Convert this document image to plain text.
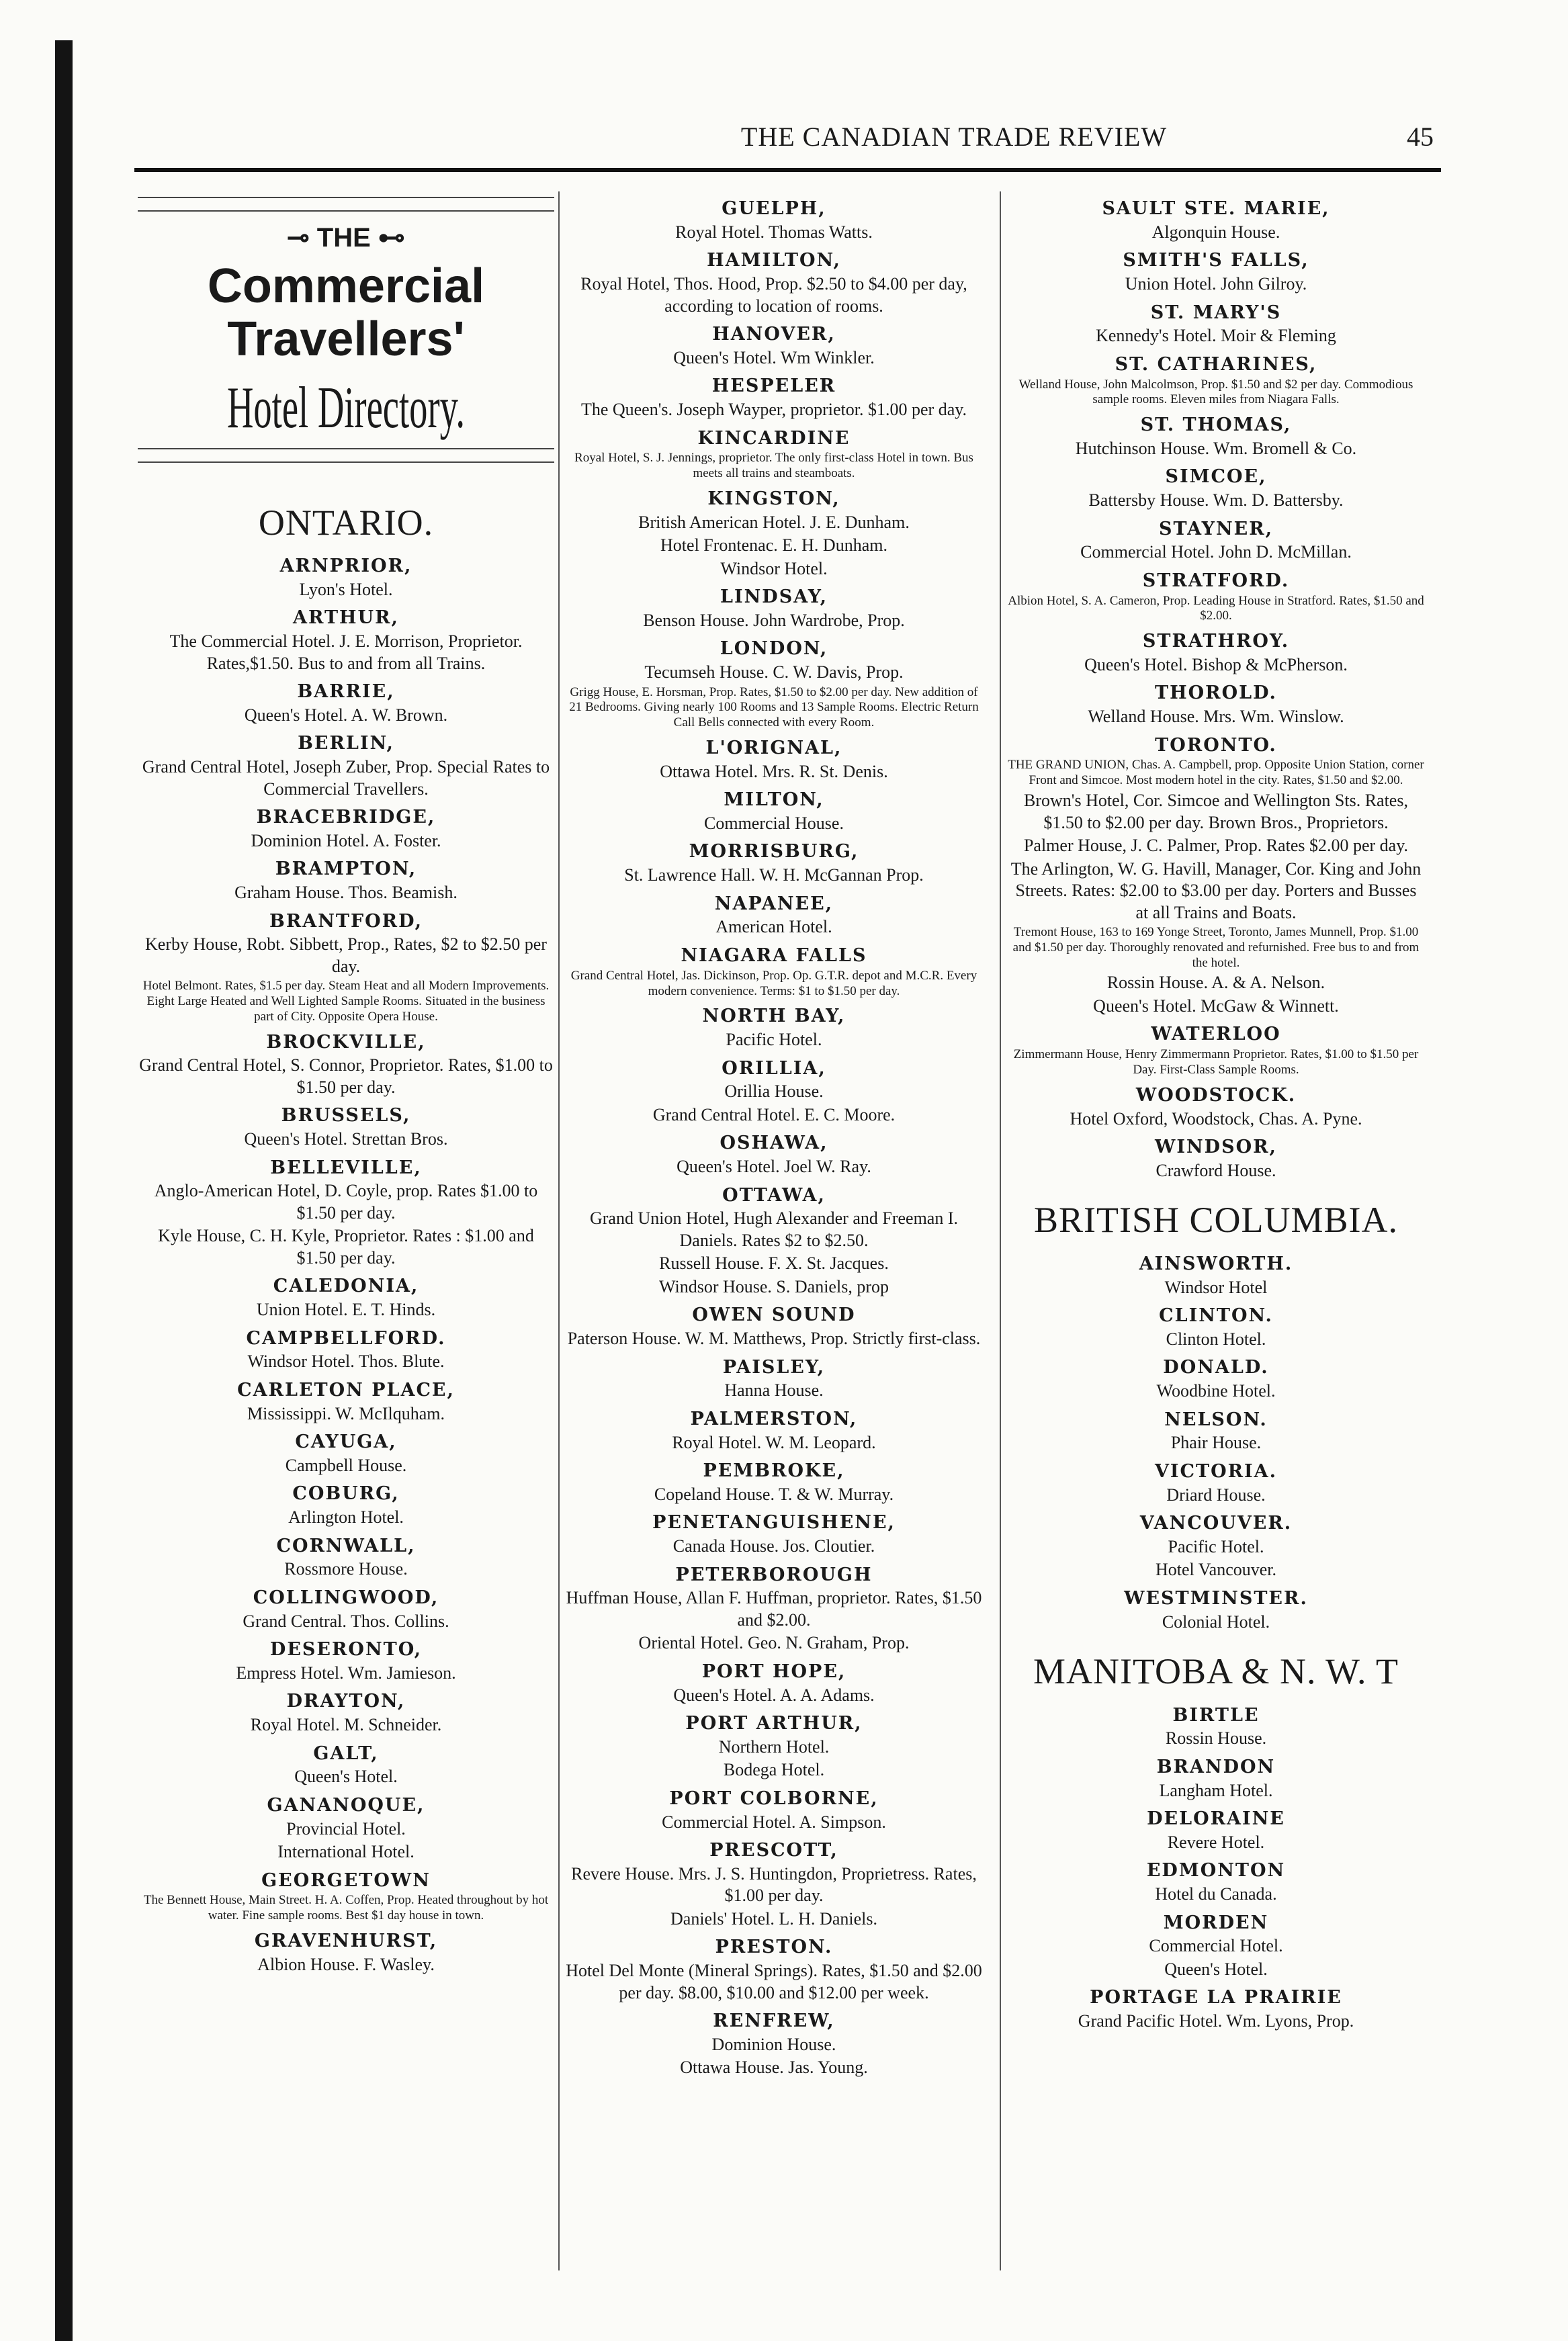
THE CANADIAN TRADE REVIEW	45
⊸ THE ⊷
Commercial
Travellers'
Hotel Directory.
ONTARIO.
ARNPRIOR,
Lyon's Hotel.
ARTHUR,
The Commercial Hotel. J. E. Morrison, Proprietor. Rates,$1.50. Bus to and from all Trains.
BARRIE,
Queen's Hotel. A. W. Brown.
BERLIN,
Grand Central Hotel, Joseph Zuber, Prop. Special Rates to Commercial Travellers.
BRACEBRIDGE,
Dominion Hotel. A. Foster.
BRAMPTON,
Graham House. Thos. Beamish.
BRANTFORD,
Kerby House, Robt. Sibbett, Prop., Rates, $2 to $2.50 per day.
Hotel Belmont. Rates, $1.5 per day. Steam Heat and all Modern Improvements. Eight Large Heated and Well Lighted Sample Rooms. Situated in the business part of City. Opposite Opera House.
BROCKVILLE,
Grand Central Hotel, S. Connor, Proprietor. Rates, $1.00 to $1.50 per day.
BRUSSELS,
Queen's Hotel. Strettan Bros.
BELLEVILLE,
Anglo-American Hotel, D. Coyle, prop. Rates $1.00 to $1.50 per day.
Kyle House, C. H. Kyle, Proprietor. Rates : $1.00 and $1.50 per day.
CALEDONIA,
Union Hotel. E. T. Hinds.
CAMPBELLFORD.
Windsor Hotel. Thos. Blute.
CARLETON PLACE,
Mississippi. W. McIlquham.
CAYUGA,
Campbell House.
COBURG,
Arlington Hotel.
CORNWALL,
Rossmore House.
COLLINGWOOD,
Grand Central. Thos. Collins.
DESERONTO,
Empress Hotel. Wm. Jamieson.
DRAYTON,
Royal Hotel. M. Schneider.
GALT,
Queen's Hotel.
GANANOQUE,
Provincial Hotel.
International Hotel.
GEORGETOWN
The Bennett House, Main Street. H. A. Coffen, Prop. Heated throughout by hot water. Fine sample rooms. Best $1 day house in town.
GRAVENHURST,
Albion House. F. Wasley.
GUELPH,
Royal Hotel. Thomas Watts.
HAMILTON,
Royal Hotel, Thos. Hood, Prop. $2.50 to $4.00 per day, according to location of rooms.
HANOVER,
Queen's Hotel. Wm Winkler.
HESPELER
The Queen's. Joseph Wayper, proprietor. $1.00 per day.
KINCARDINE
Royal Hotel, S. J. Jennings, proprietor. The only first-class Hotel in town. Bus meets all trains and steamboats.
KINGSTON,
British American Hotel. J. E. Dunham.
Hotel Frontenac. E. H. Dunham.
Windsor Hotel.
LINDSAY,
Benson House. John Wardrobe, Prop.
LONDON,
Tecumseh House. C. W. Davis, Prop.
Grigg House, E. Horsman, Prop. Rates, $1.50 to $2.00 per day. New addition of 21 Bedrooms. Giving nearly 100 Rooms and 13 Sample Rooms. Electric Return Call Bells connected with every Room.
L'ORIGNAL,
Ottawa Hotel. Mrs. R. St. Denis.
MILTON,
Commercial House.
MORRISBURG,
St. Lawrence Hall. W. H. McGannan Prop.
NAPANEE,
American Hotel.
NIAGARA FALLS
Grand Central Hotel, Jas. Dickinson, Prop. Op. G.T.R. depot and M.C.R. Every modern convenience. Terms: $1 to $1.50 per day.
NORTH BAY,
Pacific Hotel.
ORILLIA,
Orillia House.
Grand Central Hotel. E. C. Moore.
OSHAWA,
Queen's Hotel. Joel W. Ray.
OTTAWA,
Grand Union Hotel, Hugh Alexander and Freeman I. Daniels. Rates $2 to $2.50.
Russell House. F. X. St. Jacques.
Windsor House. S. Daniels, prop
OWEN SOUND
Paterson House. W. M. Matthews, Prop. Strictly first-class.
PAISLEY,
Hanna House.
PALMERSTON,
Royal Hotel. W. M. Leopard.
PEMBROKE,
Copeland House. T. & W. Murray.
PENETANGUISHENE,
Canada House. Jos. Cloutier.
PETERBOROUGH
Huffman House, Allan F. Huffman, proprietor. Rates, $1.50 and $2.00.
Oriental Hotel. Geo. N. Graham, Prop.
PORT HOPE,
Queen's Hotel. A. A. Adams.
PORT ARTHUR,
Northern Hotel.
Bodega Hotel.
PORT COLBORNE,
Commercial Hotel. A. Simpson.
PRESCOTT,
Revere House. Mrs. J. S. Huntingdon, Proprietress. Rates, $1.00 per day.
Daniels' Hotel. L. H. Daniels.
PRESTON.
Hotel Del Monte (Mineral Springs). Rates, $1.50 and $2.00 per day. $8.00, $10.00 and $12.00 per week.
RENFREW,
Dominion House.
Ottawa House. Jas. Young.
SAULT STE. MARIE,
Algonquin House.
SMITH'S FALLS,
Union Hotel. John Gilroy.
ST. MARY'S
Kennedy's Hotel. Moir & Fleming
ST. CATHARINES,
Welland House, John Malcolmson, Prop. $1.50 and $2 per day. Commodious sample rooms. Eleven miles from Niagara Falls.
ST. THOMAS,
Hutchinson House. Wm. Bromell & Co.
SIMCOE,
Battersby House. Wm. D. Battersby.
STAYNER,
Commercial Hotel. John D. McMillan.
STRATFORD.
Albion Hotel, S. A. Cameron, Prop. Leading House in Stratford. Rates, $1.50 and $2.00.
STRATHROY.
Queen's Hotel. Bishop & McPherson.
THOROLD.
Welland House. Mrs. Wm. Winslow.
TORONTO.
THE GRAND UNION, Chas. A. Campbell, prop. Opposite Union Station, corner Front and Simcoe. Most modern hotel in the city. Rates, $1.50 and $2.00.
Brown's Hotel, Cor. Simcoe and Wellington Sts. Rates, $1.50 to $2.00 per day. Brown Bros., Proprietors.
Palmer House, J. C. Palmer, Prop. Rates $2.00 per day.
The Arlington, W. G. Havill, Manager, Cor. King and John Streets. Rates: $2.00 to $3.00 per day. Porters and Busses at all Trains and Boats.
Tremont House, 163 to 169 Yonge Street, Toronto, James Munnell, Prop. $1.00 and $1.50 per day. Thoroughly renovated and refurnished. Free bus to and from the hotel.
Rossin House. A. & A. Nelson.
Queen's Hotel. McGaw & Winnett.
WATERLOO
Zimmermann House, Henry Zimmermann Proprietor. Rates, $1.00 to $1.50 per Day. First-Class Sample Rooms.
WOODSTOCK.
Hotel Oxford, Woodstock, Chas. A. Pyne.
WINDSOR,
Crawford House.
BRITISH COLUMBIA.
AINSWORTH.
Windsor Hotel
CLINTON.
Clinton Hotel.
DONALD.
Woodbine Hotel.
NELSON.
Phair House.
VICTORIA.
Driard House.
VANCOUVER.
Pacific Hotel.
Hotel Vancouver.
WESTMINSTER.
Colonial Hotel.
MANITOBA & N. W. T
BIRTLE
Rossin House.
BRANDON
Langham Hotel.
DELORAINE
Revere Hotel.
EDMONTON
Hotel du Canada.
MORDEN
Commercial Hotel.
Queen's Hotel.
PORTAGE LA PRAIRIE
Grand Pacific Hotel. Wm. Lyons, Prop.
